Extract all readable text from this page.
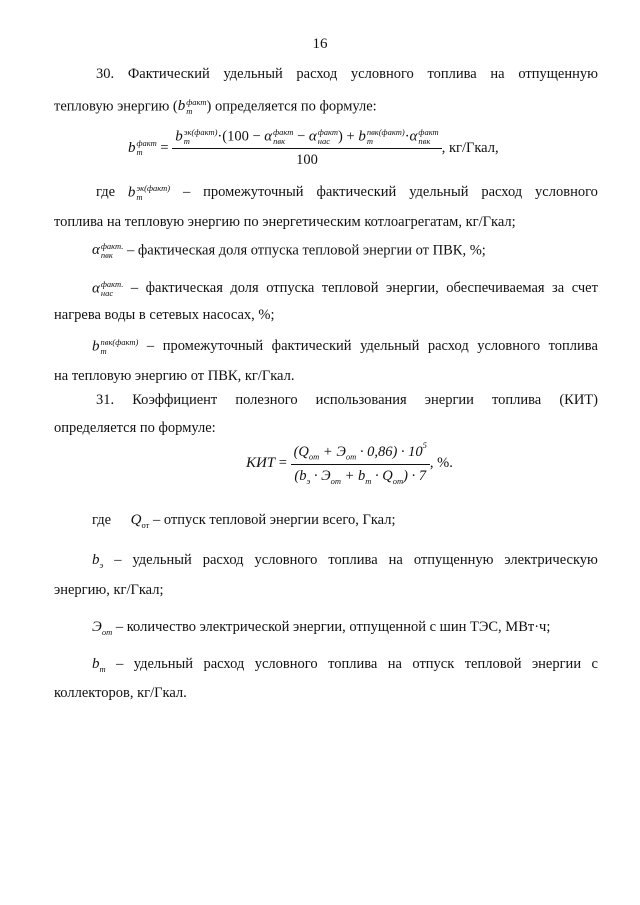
16
30. Фактический удельный расход условного топлива на отпущенную
тепловую энергию (b факт
т ) определяется по формуле:
b факт
т	=
b эк(факт)
т	·(100 − α факт
пвк − α факт
нас ) + b пвк(факт)
т	·α факт
пвк
100
, кг/Гкал,
где b эк(факт)
т	– промежуточный фактический удельный расход условного
топлива на тепловую энергию по энергетическим котлоагрегатам, кг/Гкал;
α факт.
пвк – фактическая доля отпуска тепловой энергии от ПВК, %;
α факт.
нас	– фактическая доля отпуска тепловой энергии, обеспечиваемая за счет
нагрева воды в сетевых насосах, %;
b пвк(факт)
т	– промежуточный фактический удельный расход условного топлива
на тепловую энергию от ПВК, кг/Гкал.
31. Коэффициент полезного использования энергии топлива (КИТ)
определяется по формуле:
КИТ = $\frac{(Q_{от} + Э_{от} \cdot 0,86) \cdot 10^5}{(b_э \cdot Э_{от} + b_т \cdot Q_{от}) \cdot 7}$ , %.
где $Q_{от}$ – отпуск тепловой энергии всего, Гкал;
$b_э$ – удельный расход условного топлива на отпущенную электрическую
энергию, кг/Гкал;
$Э_{от}$ – количество электрической энергии, отпущенной с шин ТЭС, МВт·ч;
$b_т$ – удельный расход условного топлива на отпуск тепловой энергии с
коллекторов, кг/Гкал.
